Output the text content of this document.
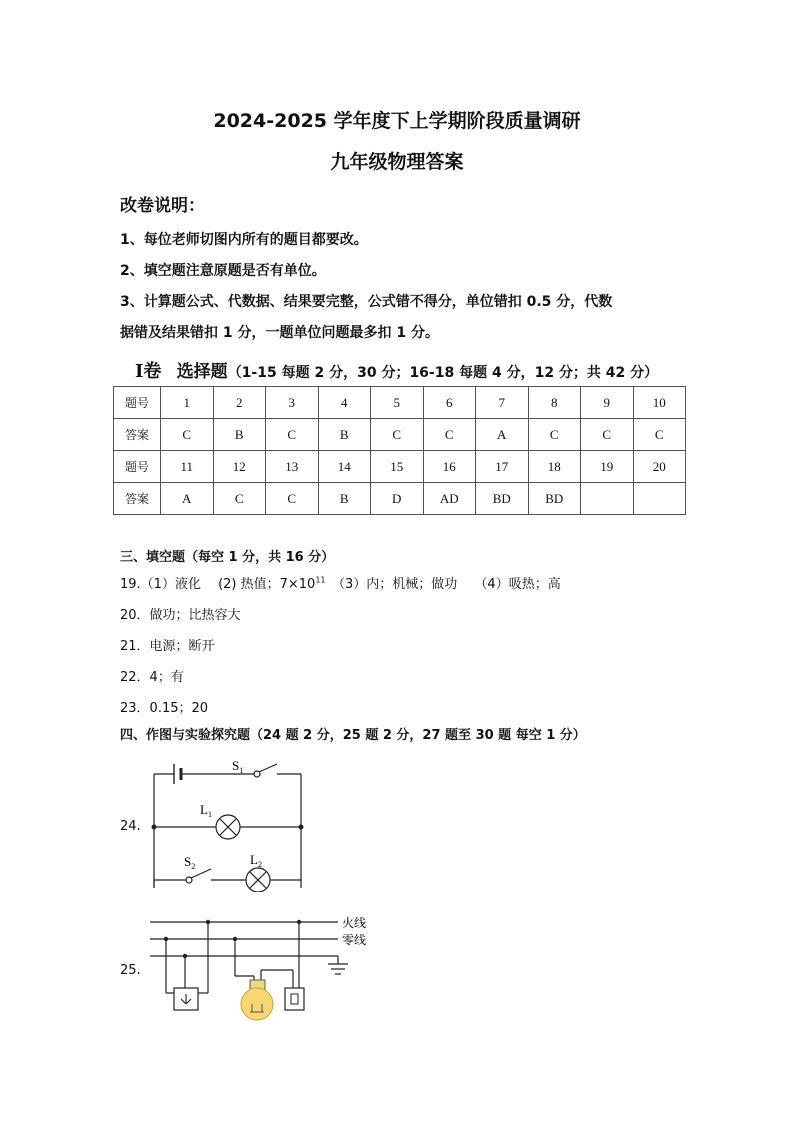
2024-2025 学年度下上学期阶段质量调研
九年级物理答案
改卷说明：
1、每位老师切图内所有的题目都要改。
2、填空题注意原题是否有单位。
3、计算题公式、代数据、结果要完整，公式错不得分，单位错扣 0.5 分，代数
据错及结果错扣 1 分，一题单位问题最多扣 1 分。
Ⅰ卷 选择题（1-15 每题 2 分，30 分；16-18 每题 4 分，12 分；共 42 分）
题号	1	2	3	4	5	6	7	8	9	10
答案	C	B	C	B	C	C	A	C	C	C
题号	11	12	13	14	15	16	17	18	19	20
答案	A	C	C	B	D	AD	BD	BD		
三、填空题（每空 1 分，共 16 分）
19.（1）液化　 (2) 热值；$7\times 10^{11}$　（3）内；机械；做功　 （4）吸热；高
20．做功；比热容大
21．电源；断开
22．4；有
23．0.15；20
四、作图与实验探究题（24 题 2 分，25 题 2 分，27 题至 30 题 每空 1 分）
24.
25.
$S_1$
$L_1$
$S_2$	$L_2$
火线
零线
